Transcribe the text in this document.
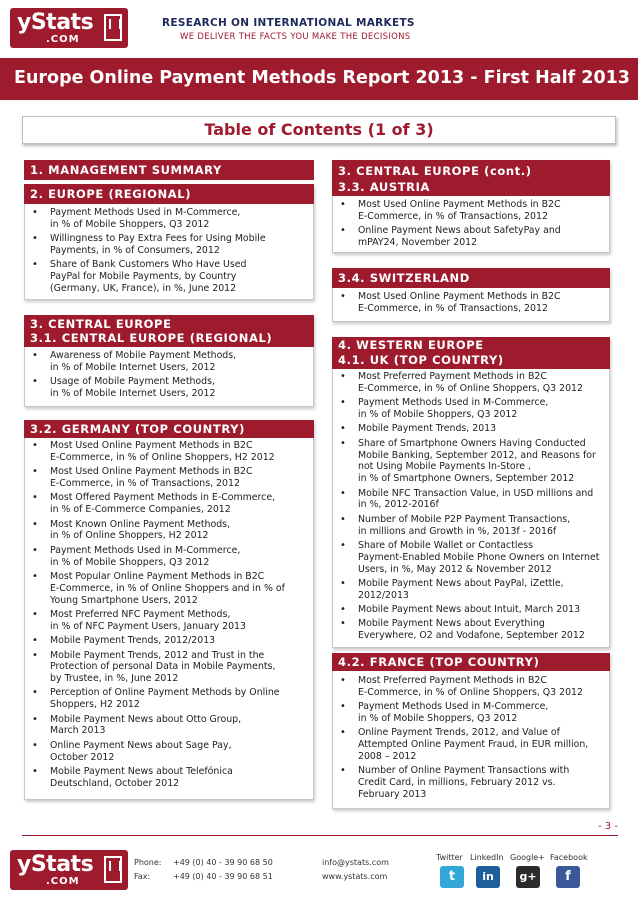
yStats
.COM
RESEARCH ON INTERNATIONAL MARKETS
WE DELIVER THE FACTS YOU MAKE THE DECISIONS
Europe Online Payment Methods Report 2013 - First Half 2013
Table of Contents (1 of 3)
1. MANAGEMENT SUMMARY
2. EUROPE (REGIONAL)
• Payment Methods Used in M-Commerce,
in % of Mobile Shoppers, Q3 2012
• Willingness to Pay Extra Fees for Using Mobile
Payments, in % of Consumers, 2012
• Share of Bank Customers Who Have Used
PayPal for Mobile Payments, by Country
(Germany, UK, France), in %, June 2012
3. CENTRAL EUROPE
3.1. CENTRAL EUROPE (REGIONAL)
• Awareness of Mobile Payment Methods,
in % of Mobile Internet Users, 2012
• Usage of Mobile Payment Methods,
in % of Mobile Internet Users, 2012
3.2. GERMANY (TOP COUNTRY)
• Most Used Online Payment Methods in B2C
E-Commerce, in % of Online Shoppers, H2 2012
• Most Used Online Payment Methods in B2C
E-Commerce, in % of Transactions, 2012
• Most Offered Payment Methods in E-Commerce,
in % of E-Commerce Companies, 2012
• Most Known Online Payment Methods,
in % of Online Shoppers, H2 2012
• Payment Methods Used in M-Commerce,
in % of Mobile Shoppers, Q3 2012
• Most Popular Online Payment Methods in B2C
E-Commerce, in % of Online Shoppers and in % of
Young Smartphone Users, 2012
• Most Preferred NFC Payment Methods,
in % of NFC Payment Users, January 2013
• Mobile Payment Trends, 2012/2013
• Mobile Payment Trends, 2012 and Trust in the
Protection of personal Data in Mobile Payments,
by Trustee, in %, June 2012
• Perception of Online Payment Methods by Online
Shoppers, H2 2012
• Mobile Payment News about Otto Group,
March 2013
• Online Payment News about Sage Pay,
October 2012
• Mobile Payment News about Telefónica
Deutschland, October 2012
3. CENTRAL EUROPE (cont.)
3.3. AUSTRIA
• Most Used Online Payment Methods in B2C
E-Commerce, in % of Transactions, 2012
• Online Payment News about SafetyPay and
mPAY24, November 2012
3.4. SWITZERLAND
• Most Used Online Payment Methods in B2C
E-Commerce, in % of Transactions, 2012
4. WESTERN EUROPE
4.1. UK (TOP COUNTRY)
• Most Preferred Payment Methods in B2C
E-Commerce, in % of Online Shoppers, Q3 2012
• Payment Methods Used in M-Commerce,
in % of Mobile Shoppers, Q3 2012
• Mobile Payment Trends, 2013
• Share of Smartphone Owners Having Conducted
Mobile Banking, September 2012, and Reasons for
not Using Mobile Payments In-Store ,
in % of Smartphone Owners, September 2012
• Mobile NFC Transaction Value, in USD millions and
in %, 2012-2016f
• Number of Mobile P2P Payment Transactions,
in millions and Growth in %, 2013f - 2016f
• Share of Mobile Wallet or Contactless
Payment-Enabled Mobile Phone Owners on Internet
Users, in %, May 2012 & November 2012
• Mobile Payment News about PayPal, iZettle,
2012/2013
• Mobile Payment News about Intuit, March 2013
• Mobile Payment News about Everything
Everywhere, O2 and Vodafone, September 2012
4.2. FRANCE (TOP COUNTRY)
• Most Preferred Payment Methods in B2C
E-Commerce, in % of Online Shoppers, Q3 2012
• Payment Methods Used in M-Commerce,
in % of Mobile Shoppers, Q3 2012
• Online Payment Trends, 2012, and Value of
Attempted Online Payment Fraud, in EUR million,
2008 – 2012
• Number of Online Payment Transactions with
Credit Card, in millions, February 2012 vs.
February 2013
- 3 -
yStats
.COM
Phone: +49 (0) 40 - 39 90 68 50
Fax:	+49 (0) 40 - 39 90 68 51
info@ystats.com
www.ystats.com
Twitter LinkedIn Google+ Facebook
t	in	g+	f
